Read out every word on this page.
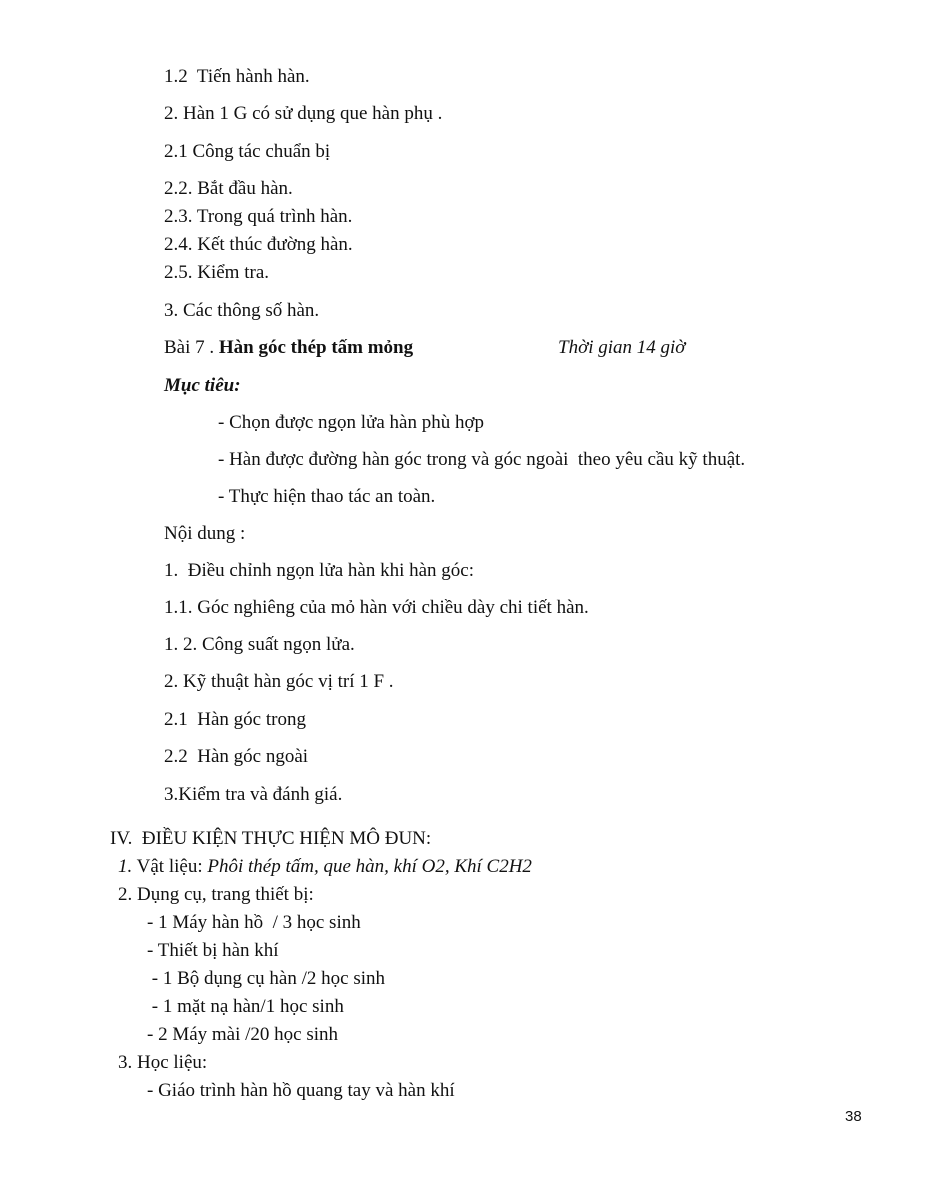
1.2  Tiến hành hàn.
2. Hàn 1 G có sử dụng que hàn phụ .
2.1 Công tác chuẩn bị
2.2. Bắt đầu hàn.
2.3. Trong quá trình hàn.
2.4. Kết thúc đường hàn.
2.5. Kiểm tra.
3. Các thông số hàn.
Bài 7 . Hàn góc thép tấm mỏng	Thời gian 14 giờ
Mục tiêu:
- Chọn được ngọn lửa hàn phù hợp
- Hàn được đường hàn góc trong và góc ngoài  theo yêu cầu kỹ thuật.
- Thực hiện thao tác an toàn.
Nội dung :
1.  Điều chỉnh ngọn lửa hàn khi hàn góc:
1.1. Góc nghiêng của mỏ hàn với chiều dày chi tiết hàn.
1. 2. Công suất ngọn lửa.
2. Kỹ thuật hàn góc vị trí 1 F .
2.1  Hàn góc trong
2.2  Hàn góc ngoài
3.Kiểm tra và đánh giá.
IV.  ĐIỀU KIỆN THỰC HIỆN MÔ ĐUN:
1. Vật liệu: Phôi thép tấm, que hàn, khí O2, Khí C2H2
2. Dụng cụ, trang thiết bị:
- 1 Máy hàn hồ  / 3 học sinh
- Thiết bị hàn khí
- 1 Bộ dụng cụ hàn /2 học sinh
- 1 mặt nạ hàn/1 học sinh
- 2 Máy mài /20 học sinh
3. Học liệu:
- Giáo trình hàn hồ quang tay và hàn khí
38
